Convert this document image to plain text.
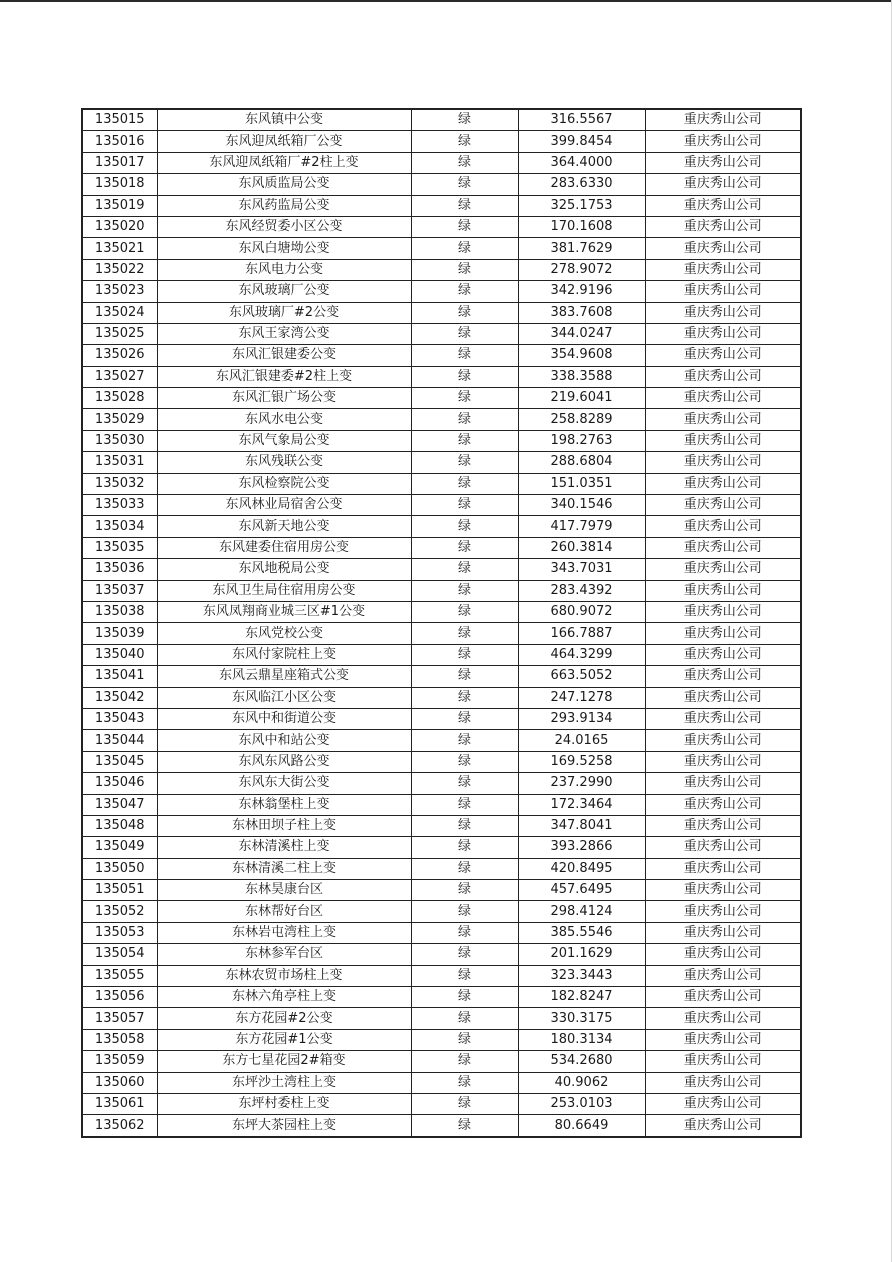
135015	东风镇中公变	绿	316.5567	重庆秀山公司
135016	东风迎凤纸箱厂公变	绿	399.8454	重庆秀山公司
135017	东风迎凤纸箱厂#2柱上变	绿	364.4000	重庆秀山公司
135018	东风质监局公变	绿	283.6330	重庆秀山公司
135019	东风药监局公变	绿	325.1753	重庆秀山公司
135020	东风经贸委小区公变	绿	170.1608	重庆秀山公司
135021	东风白塘坳公变	绿	381.7629	重庆秀山公司
135022	东风电力公变	绿	278.9072	重庆秀山公司
135023	东风玻璃厂公变	绿	342.9196	重庆秀山公司
135024	东风玻璃厂#2公变	绿	383.7608	重庆秀山公司
135025	东风王家湾公变	绿	344.0247	重庆秀山公司
135026	东风汇银建委公变	绿	354.9608	重庆秀山公司
135027	东风汇银建委#2柱上变	绿	338.3588	重庆秀山公司
135028	东风汇银广场公变	绿	219.6041	重庆秀山公司
135029	东风水电公变	绿	258.8289	重庆秀山公司
135030	东风气象局公变	绿	198.2763	重庆秀山公司
135031	东风残联公变	绿	288.6804	重庆秀山公司
135032	东风检察院公变	绿	151.0351	重庆秀山公司
135033	东风林业局宿舍公变	绿	340.1546	重庆秀山公司
135034	东风新天地公变	绿	417.7979	重庆秀山公司
135035	东风建委住宿用房公变	绿	260.3814	重庆秀山公司
135036	东风地税局公变	绿	343.7031	重庆秀山公司
135037	东风卫生局住宿用房公变	绿	283.4392	重庆秀山公司
135038	东风凤翔商业城三区#1公变	绿	680.9072	重庆秀山公司
135039	东风党校公变	绿	166.7887	重庆秀山公司
135040	东风付家院柱上变	绿	464.3299	重庆秀山公司
135041	东风云鼎星座箱式公变	绿	663.5052	重庆秀山公司
135042	东风临江小区公变	绿	247.1278	重庆秀山公司
135043	东风中和街道公变	绿	293.9134	重庆秀山公司
135044	东风中和站公变	绿	24.0165	重庆秀山公司
135045	东风东风路公变	绿	169.5258	重庆秀山公司
135046	东风东大街公变	绿	237.2990	重庆秀山公司
135047	东林翁堡柱上变	绿	172.3464	重庆秀山公司
135048	东林田坝子柱上变	绿	347.8041	重庆秀山公司
135049	东林清溪柱上变	绿	393.2866	重庆秀山公司
135050	东林清溪二柱上变	绿	420.8495	重庆秀山公司
135051	东林昊康台区	绿	457.6495	重庆秀山公司
135052	东林帮好台区	绿	298.4124	重庆秀山公司
135053	东林岩屯湾柱上变	绿	385.5546	重庆秀山公司
135054	东林参军台区	绿	201.1629	重庆秀山公司
135055	东林农贸市场柱上变	绿	323.3443	重庆秀山公司
135056	东林六角亭柱上变	绿	182.8247	重庆秀山公司
135057	东方花园#2公变	绿	330.3175	重庆秀山公司
135058	东方花园#1公变	绿	180.3134	重庆秀山公司
135059	东方七星花园2#箱变	绿	534.2680	重庆秀山公司
135060	东坪沙土湾柱上变	绿	40.9062	重庆秀山公司
135061	东坪村委柱上变	绿	253.0103	重庆秀山公司
135062	东坪大茶园柱上变	绿	80.6649	重庆秀山公司
